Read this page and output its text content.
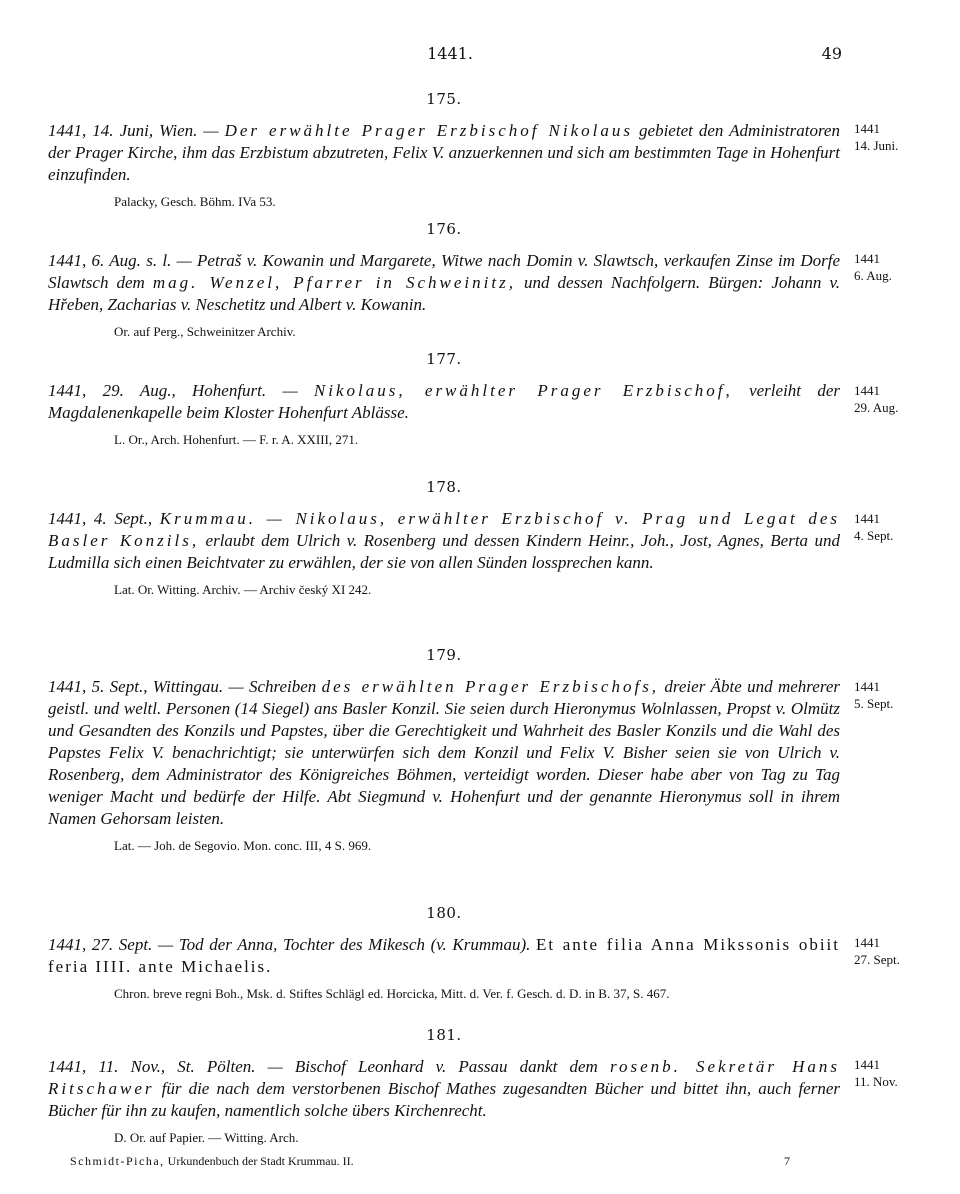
1441.	49
175.
1441
14. Juni.
1441, 14. Juni, Wien. — Der erwählte Prager Erzbischof Nikolaus gebietet den Administratoren der Prager Kirche, ihm das Erzbistum abzutreten, Felix V. anzuerkennen und sich am bestimmten Tage in Hohenfurt einzufinden.
Palacky, Gesch. Böhm. IVa 53.
176.
1441
6. Aug.
1441, 6. Aug. s. l. — Petraš v. Kowanin und Margarete, Witwe nach Domin v. Slawtsch, verkaufen Zinse im Dorfe Slawtsch dem mag. Wenzel, Pfarrer in Schweinitz, und dessen Nachfolgern. Bürgen: Johann v. Hřeben, Zacharias v. Neschetitz und Albert v. Kowanin.
Or. auf Perg., Schweinitzer Archiv.
177.
1441
29. Aug.
1441, 29. Aug., Hohenfurt. — Nikolaus, erwählter Prager Erzbischof, verleiht der Magdalenenkapelle beim Kloster Hohenfurt Ablässe.
L. Or., Arch. Hohenfurt. — F. r. A. XXIII, 271.
178.
1441
4. Sept.
1441, 4. Sept., Krummau. — Nikolaus, erwählter Erzbischof v. Prag und Legat des Basler Konzils, erlaubt dem Ulrich v. Rosenberg und dessen Kindern Heinr., Joh., Jost, Agnes, Berta und Ludmilla sich einen Beichtvater zu erwählen, der sie von allen Sünden lossprechen kann.
Lat. Or. Witting. Archiv. — Archiv český XI 242.
179.
1441
5. Sept.
1441, 5. Sept., Wittingau. — Schreiben des erwählten Prager Erzbischofs, dreier Äbte und mehrerer geistl. und weltl. Personen (14 Siegel) ans Basler Konzil. Sie seien durch Hieronymus Wolnlassen, Propst v. Olmütz und Gesandten des Konzils und Papstes, über die Gerechtigkeit und Wahrheit des Basler Konzils und die Wahl des Papstes Felix V. benachrichtigt; sie unterwürfen sich dem Konzil und Felix V. Bisher seien sie von Ulrich v. Rosenberg, dem Administrator des Königreiches Böhmen, verteidigt worden. Dieser habe aber von Tag zu Tag weniger Macht und bedürfe der Hilfe. Abt Siegmund v. Hohenfurt und der genannte Hieronymus soll in ihrem Namen Gehorsam leisten.
Lat. — Joh. de Segovio. Mon. conc. III, 4 S. 969.
180.
1441
27. Sept.
1441, 27. Sept. — Tod der Anna, Tochter des Mikesch (v. Krummau). Et ante filia Anna Mikssonis obiit feria IIII. ante Michaelis.
Chron. breve regni Boh., Msk. d. Stiftes Schlägl ed. Horcicka, Mitt. d. Ver. f. Gesch. d. D. in B. 37, S. 467.
181.
1441
11. Nov.
1441, 11. Nov., St. Pölten. — Bischof Leonhard v. Passau dankt dem rosenb. Sekretär Hans Ritschawer für die nach dem verstorbenen Bischof Mathes zugesandten Bücher und bittet ihn, auch ferner Bücher für ihn zu kaufen, namentlich solche übers Kirchenrecht.
D. Or. auf Papier. — Witting. Arch.
Schmidt-Picha, Urkundenbuch der Stadt Krummau. II.	7
